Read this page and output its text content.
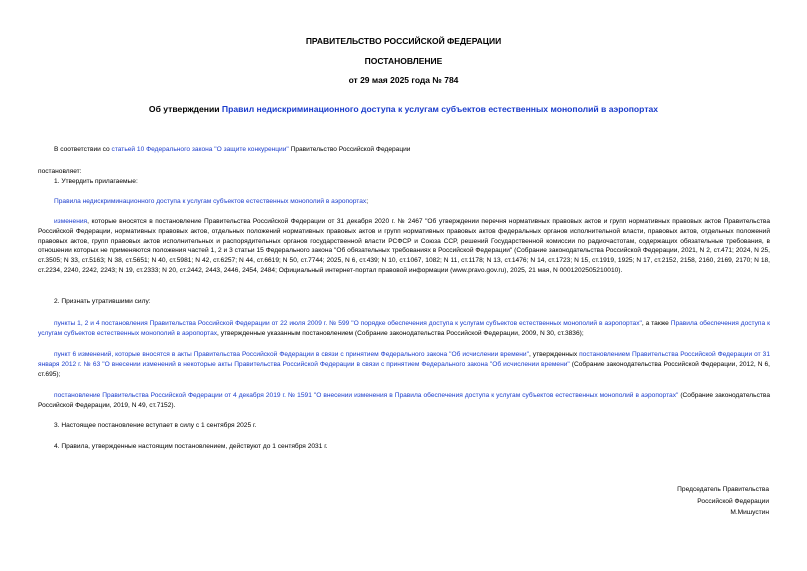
ПРАВИТЕЛЬСТВО РОССИЙСКОЙ ФЕДЕРАЦИИ
ПОСТАНОВЛЕНИЕ
от 29 мая 2025 года № 784
Об утверждении Правил недискриминационного доступа к услугам субъектов естественных монополий в аэропортах
В соответствии со статьей 10 Федерального закона "О защите конкуренции" Правительство Российской Федерации
постановляет:
1. Утвердить прилагаемые:
Правила недискриминационного доступа к услугам субъектов естественных монополий в аэропортах;
изменения, которые вносятся в постановление Правительства Российской Федерации от 31 декабря 2020 г. № 2467 "Об утверждении перечня нормативных правовых актов и групп нормативных правовых актов Правительства Российской Федерации, нормативных правовых актов, отдельных положений нормативных правовых актов и групп нормативных правовых актов федеральных органов исполнительной власти, правовых актов, отдельных положений правовых актов, групп правовых актов исполнительных и распорядительных органов государственной власти РСФСР и Союза ССР, решений Государственной комиссии по радиочастотам, содержащих обязательные требования, в отношении которых не применяются положения частей 1, 2 и 3 статьи 15 Федерального закона "Об обязательных требованиях в Российской Федерации" (Собрание законодательства Российской Федерации, 2021, N 2, ст.471; 2024, N 25, ст.3505; N 33, ст.5163; N 38, ст.5651; N 40, ст.5981; N 42, ст.6257; N 44, ст.6619; N 50, ст.7744; 2025, N 6, ст.439; N 10, ст.1067, 1082; N 11, ст.1178; N 13, ст.1476; N 14, ст.1723; N 15, ст.1919, 1925; N 17, ст.2152, 2158, 2160, 2169, 2170; N 18, ст.2234, 2240, 2242, 2243; N 19, ст.2333; N 20, ст.2442, 2443, 2446, 2454, 2484; Официальный интернет-портал правовой информации (www.pravo.gov.ru), 2025, 21 мая, N 0001202505210010).
2. Признать утратившими силу:
пункты 1, 2 и 4 постановления Правительства Российской Федерации от 22 июля 2009 г. № 599 "О порядке обеспечения доступа к услугам субъектов естественных монополий в аэропортах", а также Правила обеспечения доступа к услугам субъектов естественных монополий в аэропортах, утвержденные указанным постановлением (Собрание законодательства Российской Федерации, 2009, N 30, ст.3836);
пункт 6 изменений, которые вносятся в акты Правительства Российской Федерации в связи с принятием Федерального закона "Об исчислении времени", утвержденных постановлением Правительства Российской Федерации от 31 января 2012 г. № 63 "О внесении изменений в некоторые акты Правительства Российской Федерации в связи с принятием Федерального закона "Об исчислении времени" (Собрание законодательства Российской Федерации, 2012, N 6, ст.695);
постановление Правительства Российской Федерации от 4 декабря 2019 г. № 1591 "О внесении изменения в Правила обеспечения доступа к услугам субъектов естественных монополий в аэропортах" (Собрание законодательства Российской Федерации, 2019, N 49, ст.7152).
3. Настоящее постановление вступает в силу с 1 сентября 2025 г.
4. Правила, утвержденные настоящим постановлением, действуют до 1 сентября 2031 г.
Председатель Правительства
Российской Федерации
М.Мишустин
